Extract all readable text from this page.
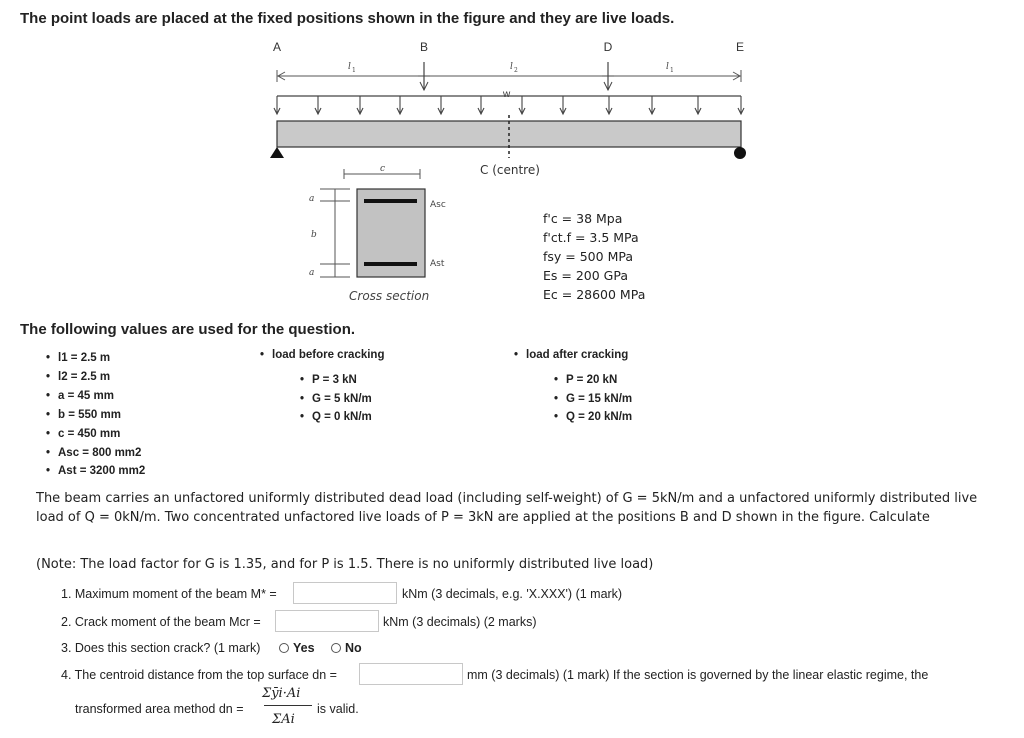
The point loads are placed at the fixed positions shown in the figure and they are live loads.
A	B	D	E
l 1	l 2	l 1
w
C (centre)
c
a
b
a
Asc
Ast
Cross section
f'c = 38 Mpa
f'ct.f = 3.5 MPa
fsy = 500 MPa
Es = 200 GPa
Ec = 28600 MPa
The following values are used for the question.
• l1 = 2.5 m
• l2 = 2.5 m
• a = 45 mm
• b = 550 mm
• c = 450 mm
• Asc = 800 mm2
• Ast = 3200 mm2
• load before cracking
• P = 3 kN
• G = 5 kN/m
• Q = 0 kN/m
• load after cracking
• P = 20 kN
• G = 15 kN/m
• Q = 20 kN/m
The beam carries an unfactored uniformly distributed dead load (including self-weight) of G = 5kN/m and a unfactored uniformly distributed live load of Q = 0kN/m. Two concentrated unfactored live loads of P = 3kN are applied at the positions B and D shown in the figure. Calculate
(Note: The load factor for G is 1.35, and for P is 1.5. There is no uniformly distributed live load)
1. Maximum moment of the beam M* =	kNm (3 decimals, e.g. 'X.XXX') (1 mark)
2. Crack moment of the beam Mcr =	kNm (3 decimals) (2 marks)
3. Does this section crack? (1 mark)	Yes No
4. The centroid distance from the top surface dn =	mm (3 decimals) (1 mark) If the section is governed by the linear elastic regime, the
transformed area method dn =
Σȳi·Ai
ΣAi
is valid.
